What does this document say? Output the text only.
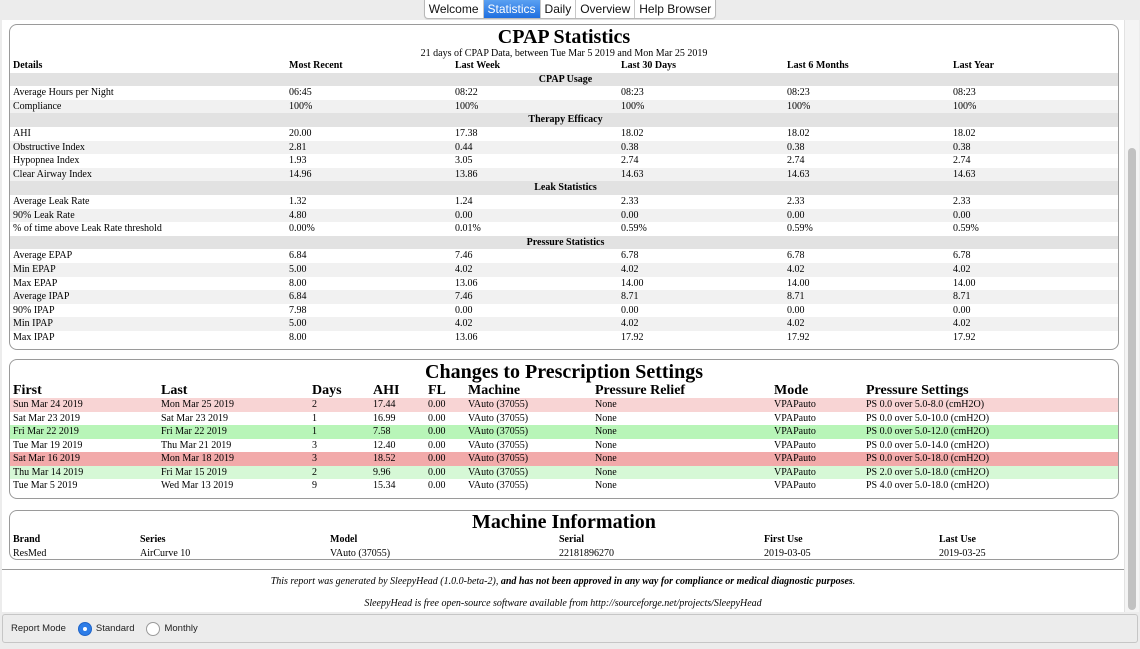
Welcome Statistics Daily Overview Help Browser
CPAP Statistics
21 days of CPAP Data, between Tue Mar 5 2019 and Mon Mar 25 2019
Details	Most Recent	Last Week	Last 30 Days	Last 6 Months	Last Year
CPAP Usage					
Average Hours per Night	06:45	08:22	08:23	08:23	08:23
Compliance	100%	100%	100%	100%	100%
Therapy Efficacy					
AHI	20.00	17.38	18.02	18.02	18.02
Obstructive Index	2.81	0.44	0.38	0.38	0.38
Hypopnea Index	1.93	3.05	2.74	2.74	2.74
Clear Airway Index	14.96	13.86	14.63	14.63	14.63
Leak Statistics					
Average Leak Rate	1.32	1.24	2.33	2.33	2.33
90% Leak Rate	4.80	0.00	0.00	0.00	0.00
% of time above Leak Rate threshold	0.00%	0.01%	0.59%	0.59%	0.59%
Pressure Statistics					
Average EPAP	6.84	7.46	6.78	6.78	6.78
Min EPAP	5.00	4.02	4.02	4.02	4.02
Max EPAP	8.00	13.06	14.00	14.00	14.00
Average IPAP	6.84	7.46	8.71	8.71	8.71
90% IPAP	7.98	0.00	0.00	0.00	0.00
Min IPAP	5.00	4.02	4.02	4.02	4.02
Max IPAP	8.00	13.06	17.92	17.92	17.92
Changes to Prescription Settings
First	Last	Days	AHI	FL	Machine	Pressure Relief	Mode	Pressure Settings
Sun Mar 24 2019	Mon Mar 25 2019	2	17.44	0.00	VAuto (37055)	None	VPAPauto	PS 0.0 over 5.0-8.0 (cmH2O)
Sat Mar 23 2019	Sat Mar 23 2019	1	16.99	0.00	VAuto (37055)	None	VPAPauto	PS 0.0 over 5.0-10.0 (cmH2O)
Fri Mar 22 2019	Fri Mar 22 2019	1	7.58	0.00	VAuto (37055)	None	VPAPauto	PS 0.0 over 5.0-12.0 (cmH2O)
Tue Mar 19 2019	Thu Mar 21 2019	3	12.40	0.00	VAuto (37055)	None	VPAPauto	PS 0.0 over 5.0-14.0 (cmH2O)
Sat Mar 16 2019	Mon Mar 18 2019	3	18.52	0.00	VAuto (37055)	None	VPAPauto	PS 0.0 over 5.0-18.0 (cmH2O)
Thu Mar 14 2019	Fri Mar 15 2019	2	9.96	0.00	VAuto (37055)	None	VPAPauto	PS 2.0 over 5.0-18.0 (cmH2O)
Tue Mar 5 2019	Wed Mar 13 2019	9	15.34	0.00	VAuto (37055)	None	VPAPauto	PS 4.0 over 5.0-18.0 (cmH2O)
Machine Information
Brand	Series	Model	Serial	First Use	Last Use
ResMed	AirCurve 10	VAuto (37055)	22181896270	2019-03-05	2019-03-25
This report was generated by SleepyHead (1.0.0-beta-2), and has not been approved in any way for compliance or medical diagnostic purposes.
SleepyHead is free open-source software available from http://sourceforge.net/projects/SleepyHead
Report Mode	Standard	Monthly
